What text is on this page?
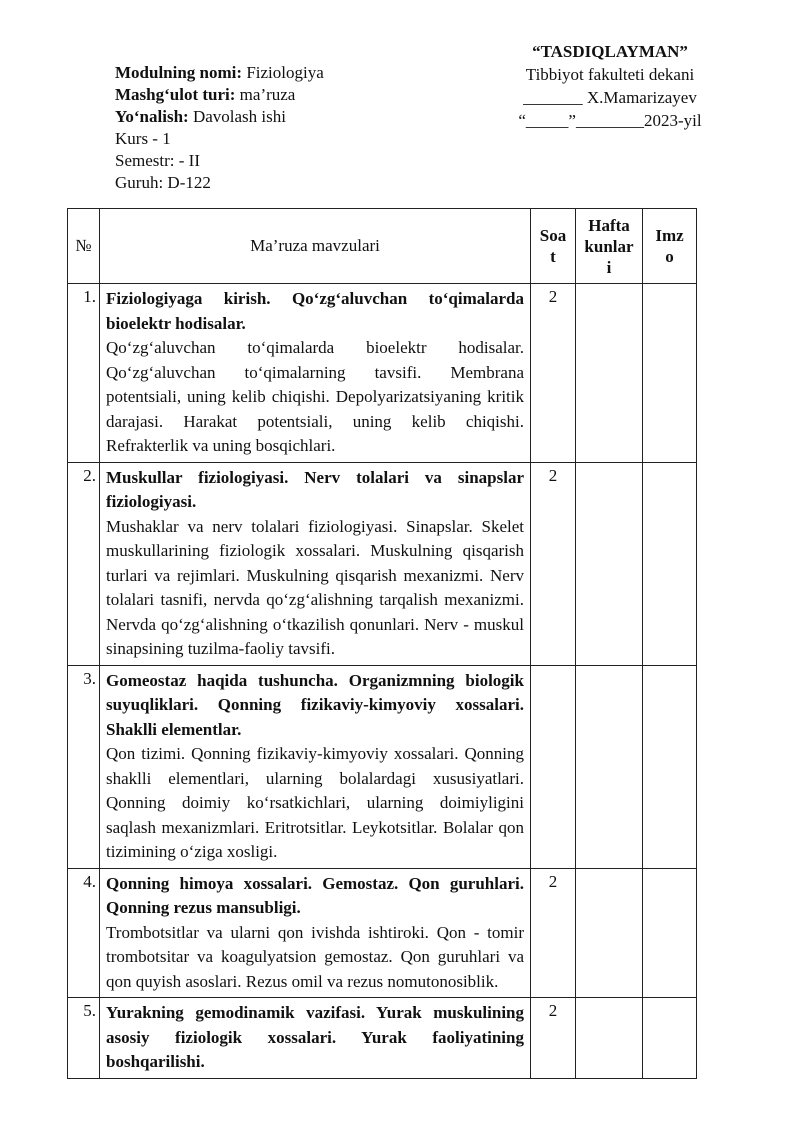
“TASDIQLAYMAN”
Tibbiyot fakulteti dekani
_______ X.Mamarizayev
“_____”________2023-yil
Modulning nomi: Fiziologiya
Mashg‘ulot turi: ma’ruza
Yo‘nalish: Davolash ishi
Kurs - 1
Semestr: - II
Guruh: D-122
№	Ma’ruza mavzulari	Soa t	Hafta kunlar i	Imz o
1.	Fiziologiyaga kirish. Qo‘zg‘aluvchan to‘qimalarda bioelektr hodisalar.
Qo‘zg‘aluvchan to‘qimalarda bioelektr hodisalar. Qo‘zg‘aluvchan to‘qimalarning tavsifi. Membrana potentsiali, uning kelib chiqishi. Depolyarizatsiyaning kritik darajasi. Harakat potentsiali, uning kelib chiqishi. Refrakterlik va uning bosqichlari.	2		
2.	Muskullar fiziologiyasi. Nerv tolalari va sinapslar fiziologiyasi.
Mushaklar va nerv tolalari fiziologiyasi. Sinapslar. Skelet muskullarining fiziologik xossalari. Muskulning qisqarish turlari va rejimlari. Muskulning qisqarish mexanizmi. Nerv tolalari tasnifi, nervda qo‘zg‘alishning tarqalish mexanizmi. Nervda qo‘zg‘alishning o‘tkazilish qonunlari. Nerv - muskul sinapsining tuzilma-faoliy tavsifi.	2		
3.	Gomeostaz haqida tushuncha. Organizmning biologik suyuqliklari. Qonning fizikaviy-kimyoviy xossalari. Shaklli elementlar.
Qon tizimi. Qonning fizikaviy-kimyoviy xossalari. Qonning shaklli elementlari, ularning bolalardagi xususiyatlari. Qonning doimiy ko‘rsatkichlari, ularning doimiyligini saqlash mexanizmlari. Eritrotsitlar. Leykotsitlar. Bolalar qon tizimining o‘ziga xosligi.			

4.	Qonning himoya xossalari. Gemostaz. Qon guruhlari. Qonning rezus mansubligi.
Trombotsitlar va ularni qon ivishda ishtiroki. Qon - tomir trombotsitar va koagulyatsion gemostaz. Qon guruhlari va qon quyish asoslari. Rezus omil va rezus nomutonosiblik.	2		
5.	Yurakning gemodinamik vazifasi. Yurak muskulining asosiy fiziologik xossalari. Yurak faoliyatining boshqarilishi.	2		
